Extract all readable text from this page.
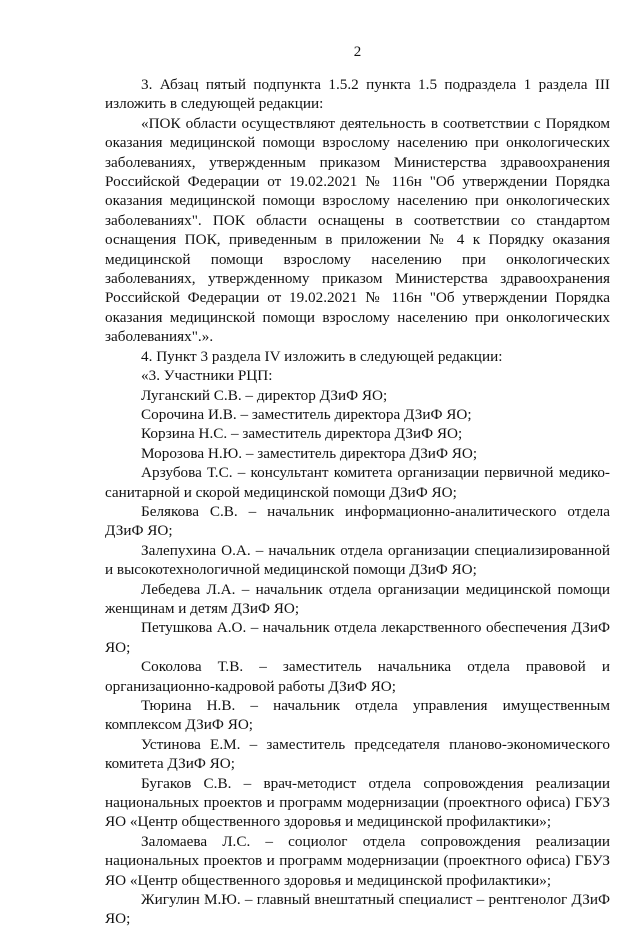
2

3. Абзац пятый подпункта 1.5.2 пункта 1.5 подраздела 1 раздела III изложить в следующей редакции:

«ПОК области осуществляют деятельность в соответствии с Порядком оказания медицинской помощи взрослому населению при онкологических заболеваниях, утвержденным приказом Министерства здравоохранения Российской Федерации от 19.02.2021 № 116н "Об утверждении Порядка оказания медицинской помощи взрослому населению при онкологических заболеваниях". ПОК области оснащены в соответствии со стандартом оснащения ПОК, приведенным в приложении № 4 к Порядку оказания медицинской помощи взрослому населению при онкологических заболеваниях, утвержденному приказом Министерства здравоохранения Российской Федерации от 19.02.2021 № 116н "Об утверждении Порядка оказания медицинской помощи взрослому населению при онкологических заболеваниях".».

4. Пункт 3 раздела IV изложить в следующей редакции:

«3. Участники РЦП:

Луганский С.В. – директор ДЗиФ ЯО;

Сорочина И.В. – заместитель директора ДЗиФ ЯО;

Корзина Н.С. – заместитель директора ДЗиФ ЯО;

Морозова Н.Ю. – заместитель директора ДЗиФ ЯО;

Арзубова Т.С. – консультант комитета организации первичной медико-санитарной и скорой медицинской помощи ДЗиФ ЯО;

Белякова С.В. – начальник информационно-аналитического отдела ДЗиФ ЯО;

Залепухина О.А. – начальник отдела организации специализированной и высокотехнологичной медицинской помощи ДЗиФ ЯО;

Лебедева Л.А. – начальник отдела организации медицинской помощи женщинам и детям ДЗиФ ЯО;

Петушкова А.О. – начальник отдела лекарственного обеспечения ДЗиФ ЯО;

Соколова Т.В. – заместитель начальника отдела правовой и организационно-кадровой работы ДЗиФ ЯО;

Тюрина Н.В. – начальник отдела управления имущественным комплексом ДЗиФ ЯО;

Устинова Е.М. – заместитель председателя планово-экономического комитета ДЗиФ ЯО;

Бугаков С.В. – врач-методист отдела сопровождения реализации национальных проектов и программ модернизации (проектного офиса) ГБУЗ ЯО «Центр общественного здоровья и медицинской профилактики»;

Заломаева Л.С. – социолог отдела сопровождения реализации национальных проектов и программ модернизации (проектного офиса) ГБУЗ ЯО «Центр общественного здоровья и медицинской профилактики»;

Жигулин М.Ю. – главный внештатный специалист – рентгенолог ДЗиФ ЯО;
